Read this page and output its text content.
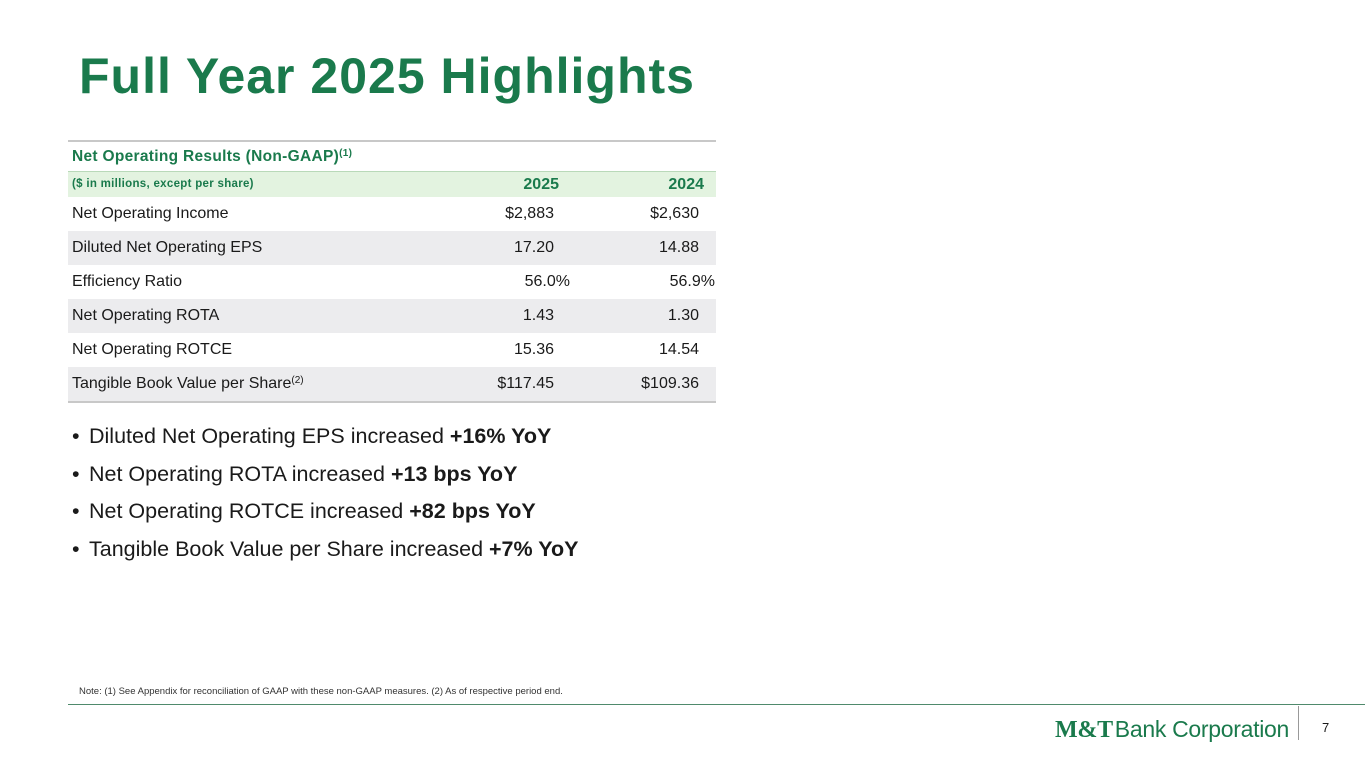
Full Year 2025 Highlights
Net Operating Results (Non-GAAP)$^{(1)}$
($ in millions, except per share)	2025	2024
Net Operating Income	$2,883	$2,630
Diluted Net Operating EPS	17.20	14.88
Efficiency Ratio	56.0%	56.9%
Net Operating ROTA	1.43	1.30
Net Operating ROTCE	15.36	14.54
Tangible Book Value per Share$^{(2)}$	$117.45	$109.36
• Diluted Net Operating EPS increased +16% YoY
• Net Operating ROTA increased +13 bps YoY
• Net Operating ROTCE increased +82 bps YoY
• Tangible Book Value per Share increased +7% YoY
Note: (1) See Appendix for reconciliation of GAAP with these non-GAAP measures. (2) As of respective period end.
M&TBank Corporation	7
